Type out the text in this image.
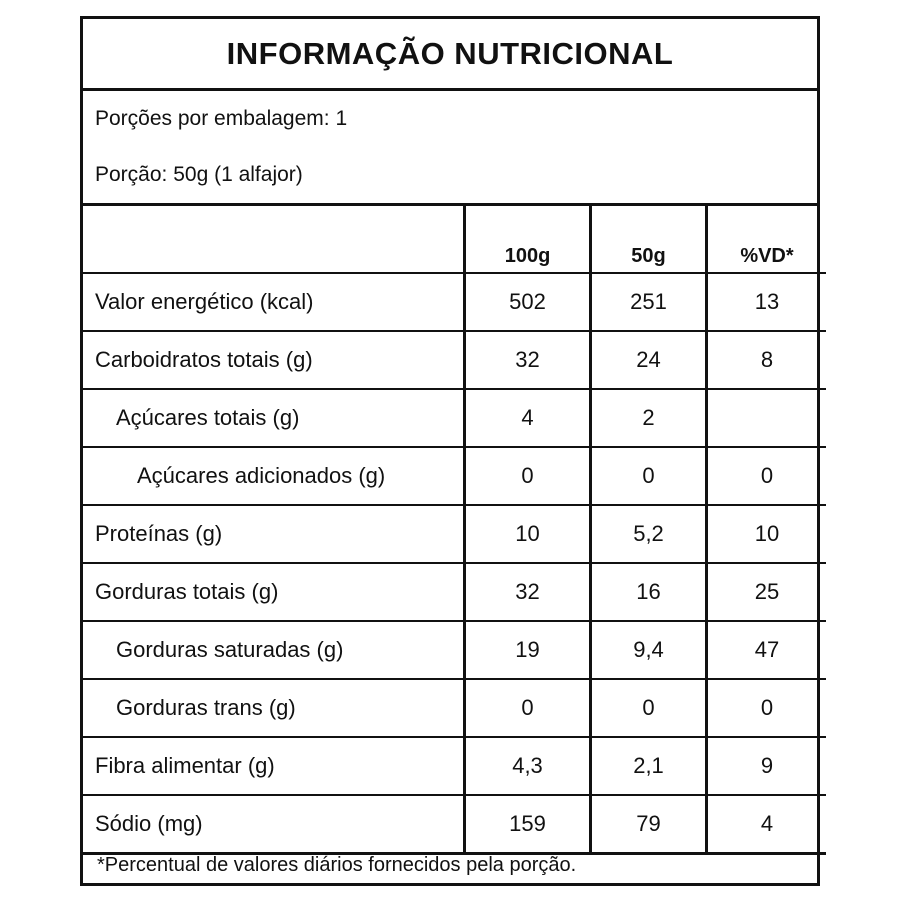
INFORMAÇÃO NUTRICIONAL
Porções por embalagem: 1
Porção: 50g (1 alfajor)
	100g	50g	%VD*
Valor energético (kcal)	502	251	13
Carboidratos totais (g)	32	24	8
Açúcares totais (g)	4	2	
Açúcares adicionados (g)	0	0	0
Proteínas (g)	10	5,2	10
Gorduras totais (g)	32	16	25
Gorduras saturadas (g)	19	9,4	47
Gorduras trans (g)	0	0	0
Fibra alimentar (g)	4,3	2,1	9
Sódio (mg)	159	79	4
*Percentual de valores diários fornecidos pela porção.
